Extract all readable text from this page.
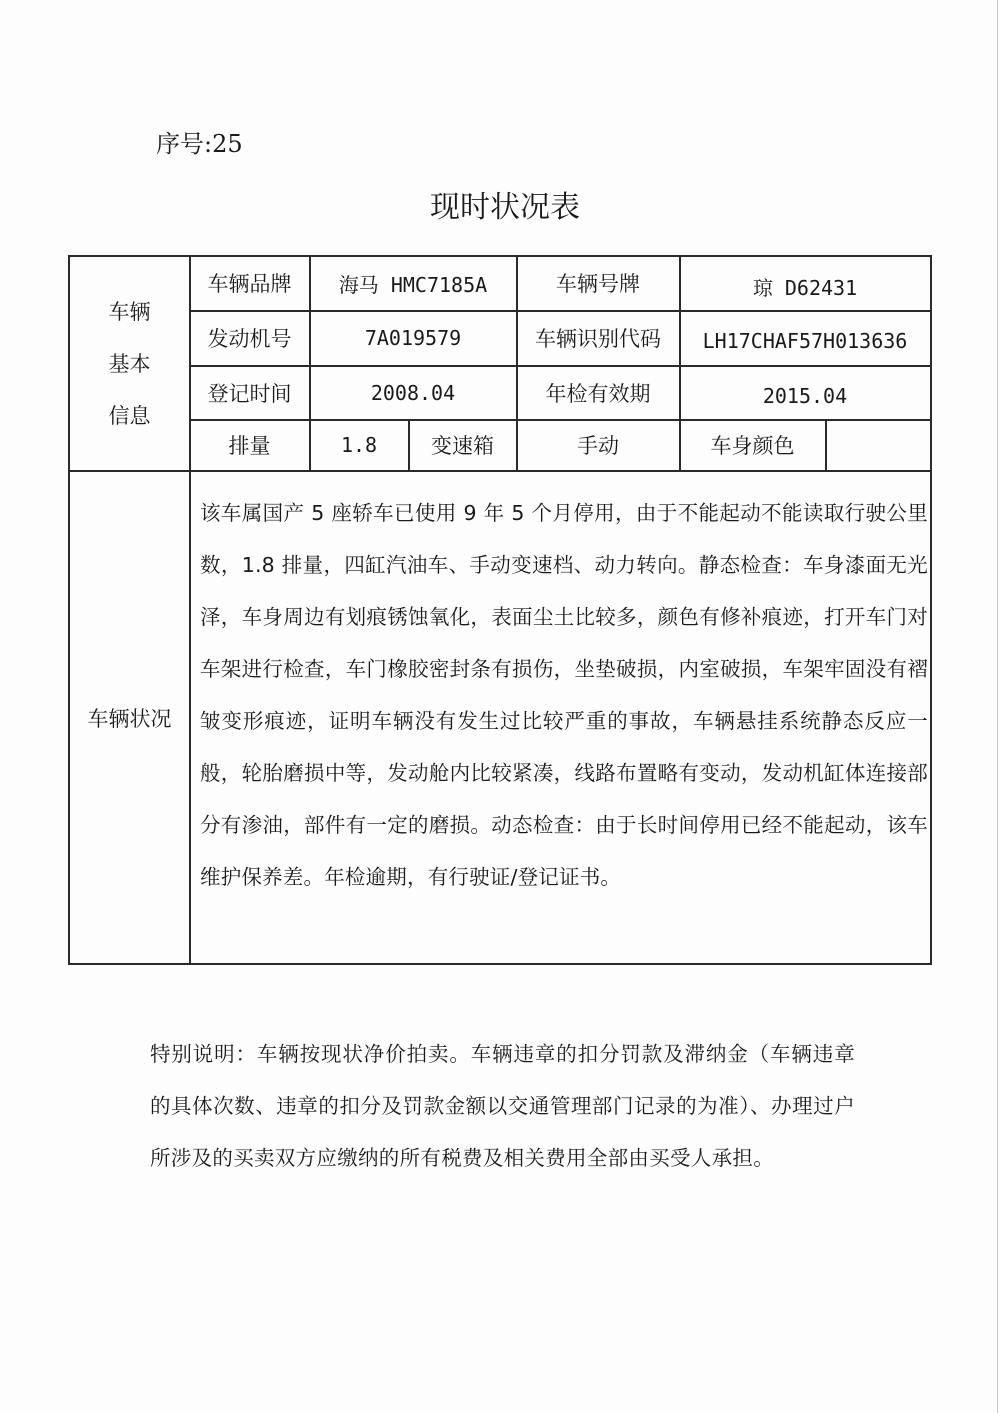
序号:25
现时状况表
车辆
基本
信息
车辆品牌	海马 HMC7185A	车辆号牌	琼 D62431
发动机号	7A019579	车辆识别代码	LH17CHAF57H013636
登记时间	2008.04	年检有效期	2015.04
排量	1.8	变速箱	手动	车身颜色
车辆状况
该车属国产 5 座轿车已使用 9 年 5 个月停用，由于不能起动不能读取行驶公里数，1.8 排量，四缸汽油车、手动变速档、动力转向。静态检查：车身漆面无光泽，车身周边有划痕锈蚀氧化，表面尘土比较多，颜色有修补痕迹，打开车门对车架进行检查，车门橡胶密封条有损伤，坐垫破损，内室破损，车架牢固没有褶皱变形痕迹，证明车辆没有发生过比较严重的事故，车辆悬挂系统静态反应一般，轮胎磨损中等，发动舱内比较紧凑，线路布置略有变动，发动机缸体连接部分有渗油，部件有一定的磨损。动态检查：由于长时间停用已经不能起动，该车维护保养差。年检逾期，有行驶证/登记证书。
特别说明：车辆按现状净价拍卖。车辆违章的扣分罚款及滞纳金（车辆违章的具体次数、违章的扣分及罚款金额以交通管理部门记录的为准）、办理过户所涉及的买卖双方应缴纳的所有税费及相关费用全部由买受人承担。
